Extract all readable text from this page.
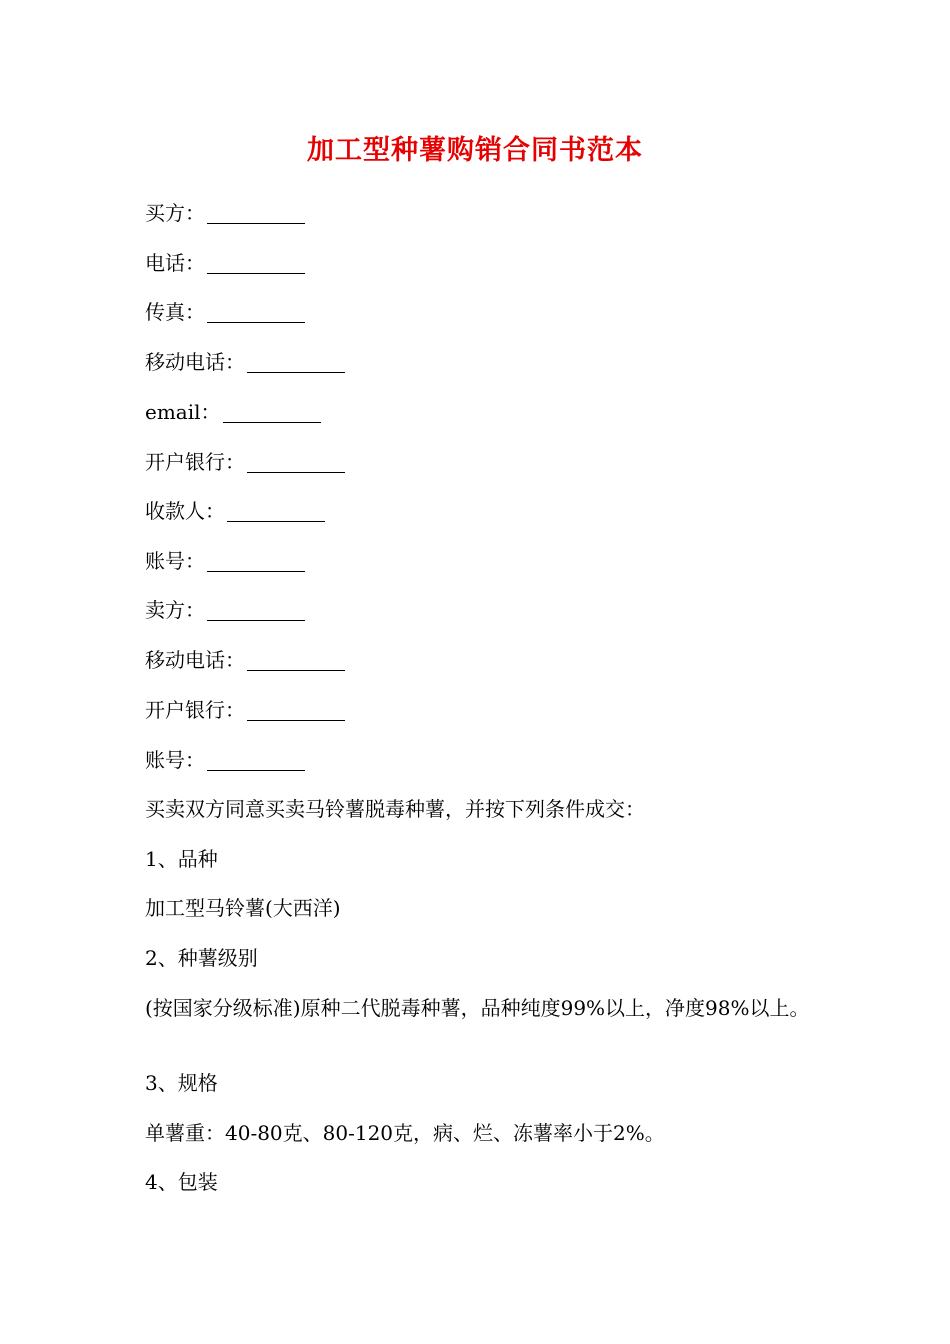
加工型种薯购销合同书范本
买方：
电话：
传真：
移动电话：
email：
开户银行：
收款人：
账号：
卖方：
移动电话：
开户银行：
账号：
买卖双方同意买卖马铃薯脱毒种薯，并按下列条件成交：
1、品种
加工型马铃薯(大西洋)
2、种薯级别
(按国家分级标准)原种二代脱毒种薯，品种纯度99%以上，净度98%以上。
3、规格
单薯重：40-80克、80-120克，病、烂、冻薯率小于2%。
4、包装
